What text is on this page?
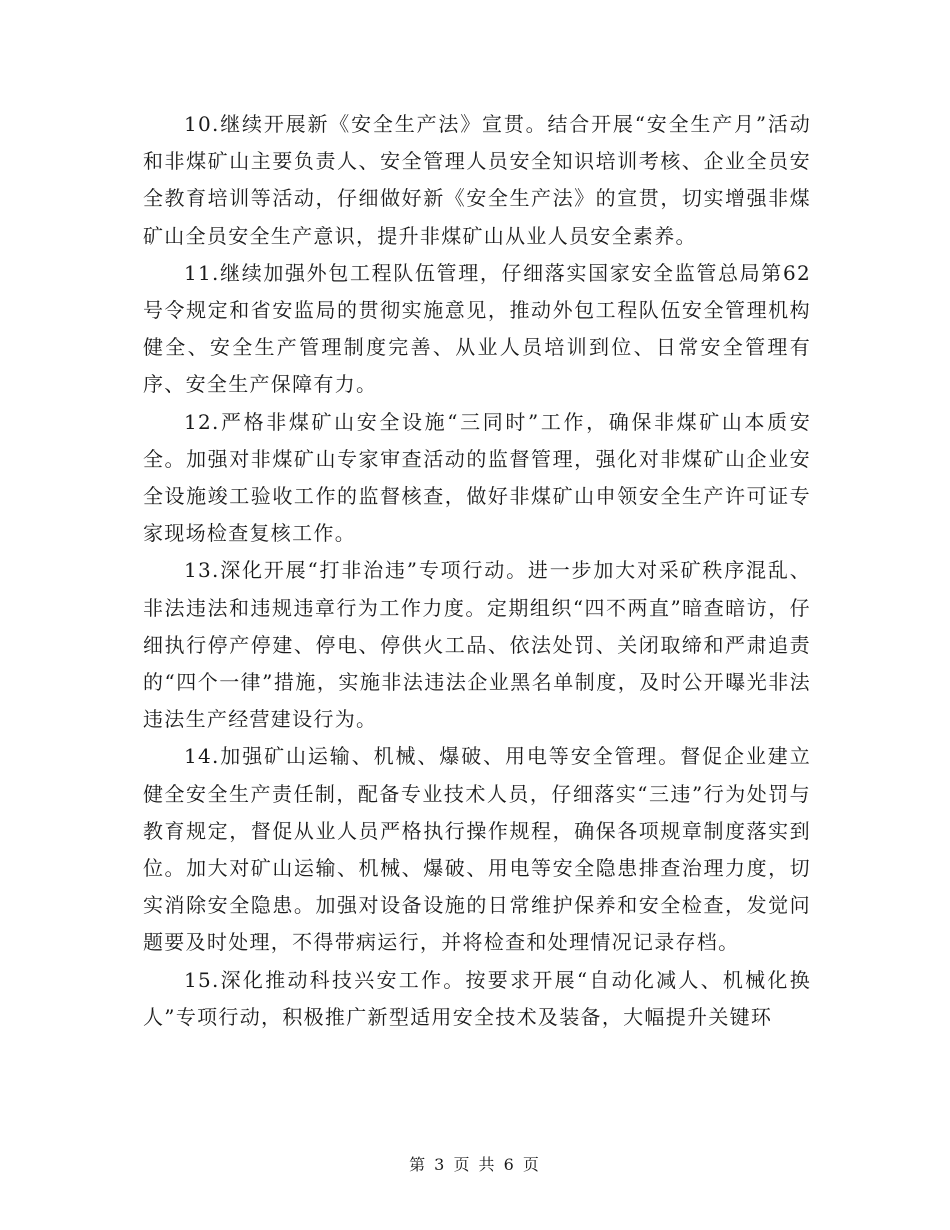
10.继续开展新《安全生产法》宣贯。结合开展“安全生产月”活动和非煤矿山主要负责人、安全管理人员安全知识培训考核、企业全员安全教育培训等活动，仔细做好新《安全生产法》的宣贯，切实增强非煤矿山全员安全生产意识，提升非煤矿山从业人员安全素养。

11.继续加强外包工程队伍管理，仔细落实国家安全监管总局第62号令规定和省安监局的贯彻实施意见，推动外包工程队伍安全管理机构健全、安全生产管理制度完善、从业人员培训到位、日常安全管理有序、安全生产保障有力。

12.严格非煤矿山安全设施“三同时”工作，确保非煤矿山本质安全。加强对非煤矿山专家审查活动的监督管理，强化对非煤矿山企业安全设施竣工验收工作的监督核查，做好非煤矿山申领安全生产许可证专家现场检查复核工作。

13.深化开展“打非治违”专项行动。进一步加大对采矿秩序混乱、非法违法和违规违章行为工作力度。定期组织“四不两直”暗查暗访，仔细执行停产停建、停电、停供火工品、依法处罚、关闭取缔和严肃追责的“四个一律”措施，实施非法违法企业黑名单制度，及时公开曝光非法违法生产经营建设行为。

14.加强矿山运输、机械、爆破、用电等安全管理。督促企业建立健全安全生产责任制，配备专业技术人员，仔细落实“三违”行为处罚与教育规定，督促从业人员严格执行操作规程，确保各项规章制度落实到位。加大对矿山运输、机械、爆破、用电等安全隐患排查治理力度，切实消除安全隐患。加强对设备设施的日常维护保养和安全检查，发觉问题要及时处理，不得带病运行，并将检查和处理情况记录存档。

15.深化推动科技兴安工作。按要求开展“自动化减人、机械化换人”专项行动，积极推广新型适用安全技术及装备，大幅提升关键环

第 3 页 共 6 页
